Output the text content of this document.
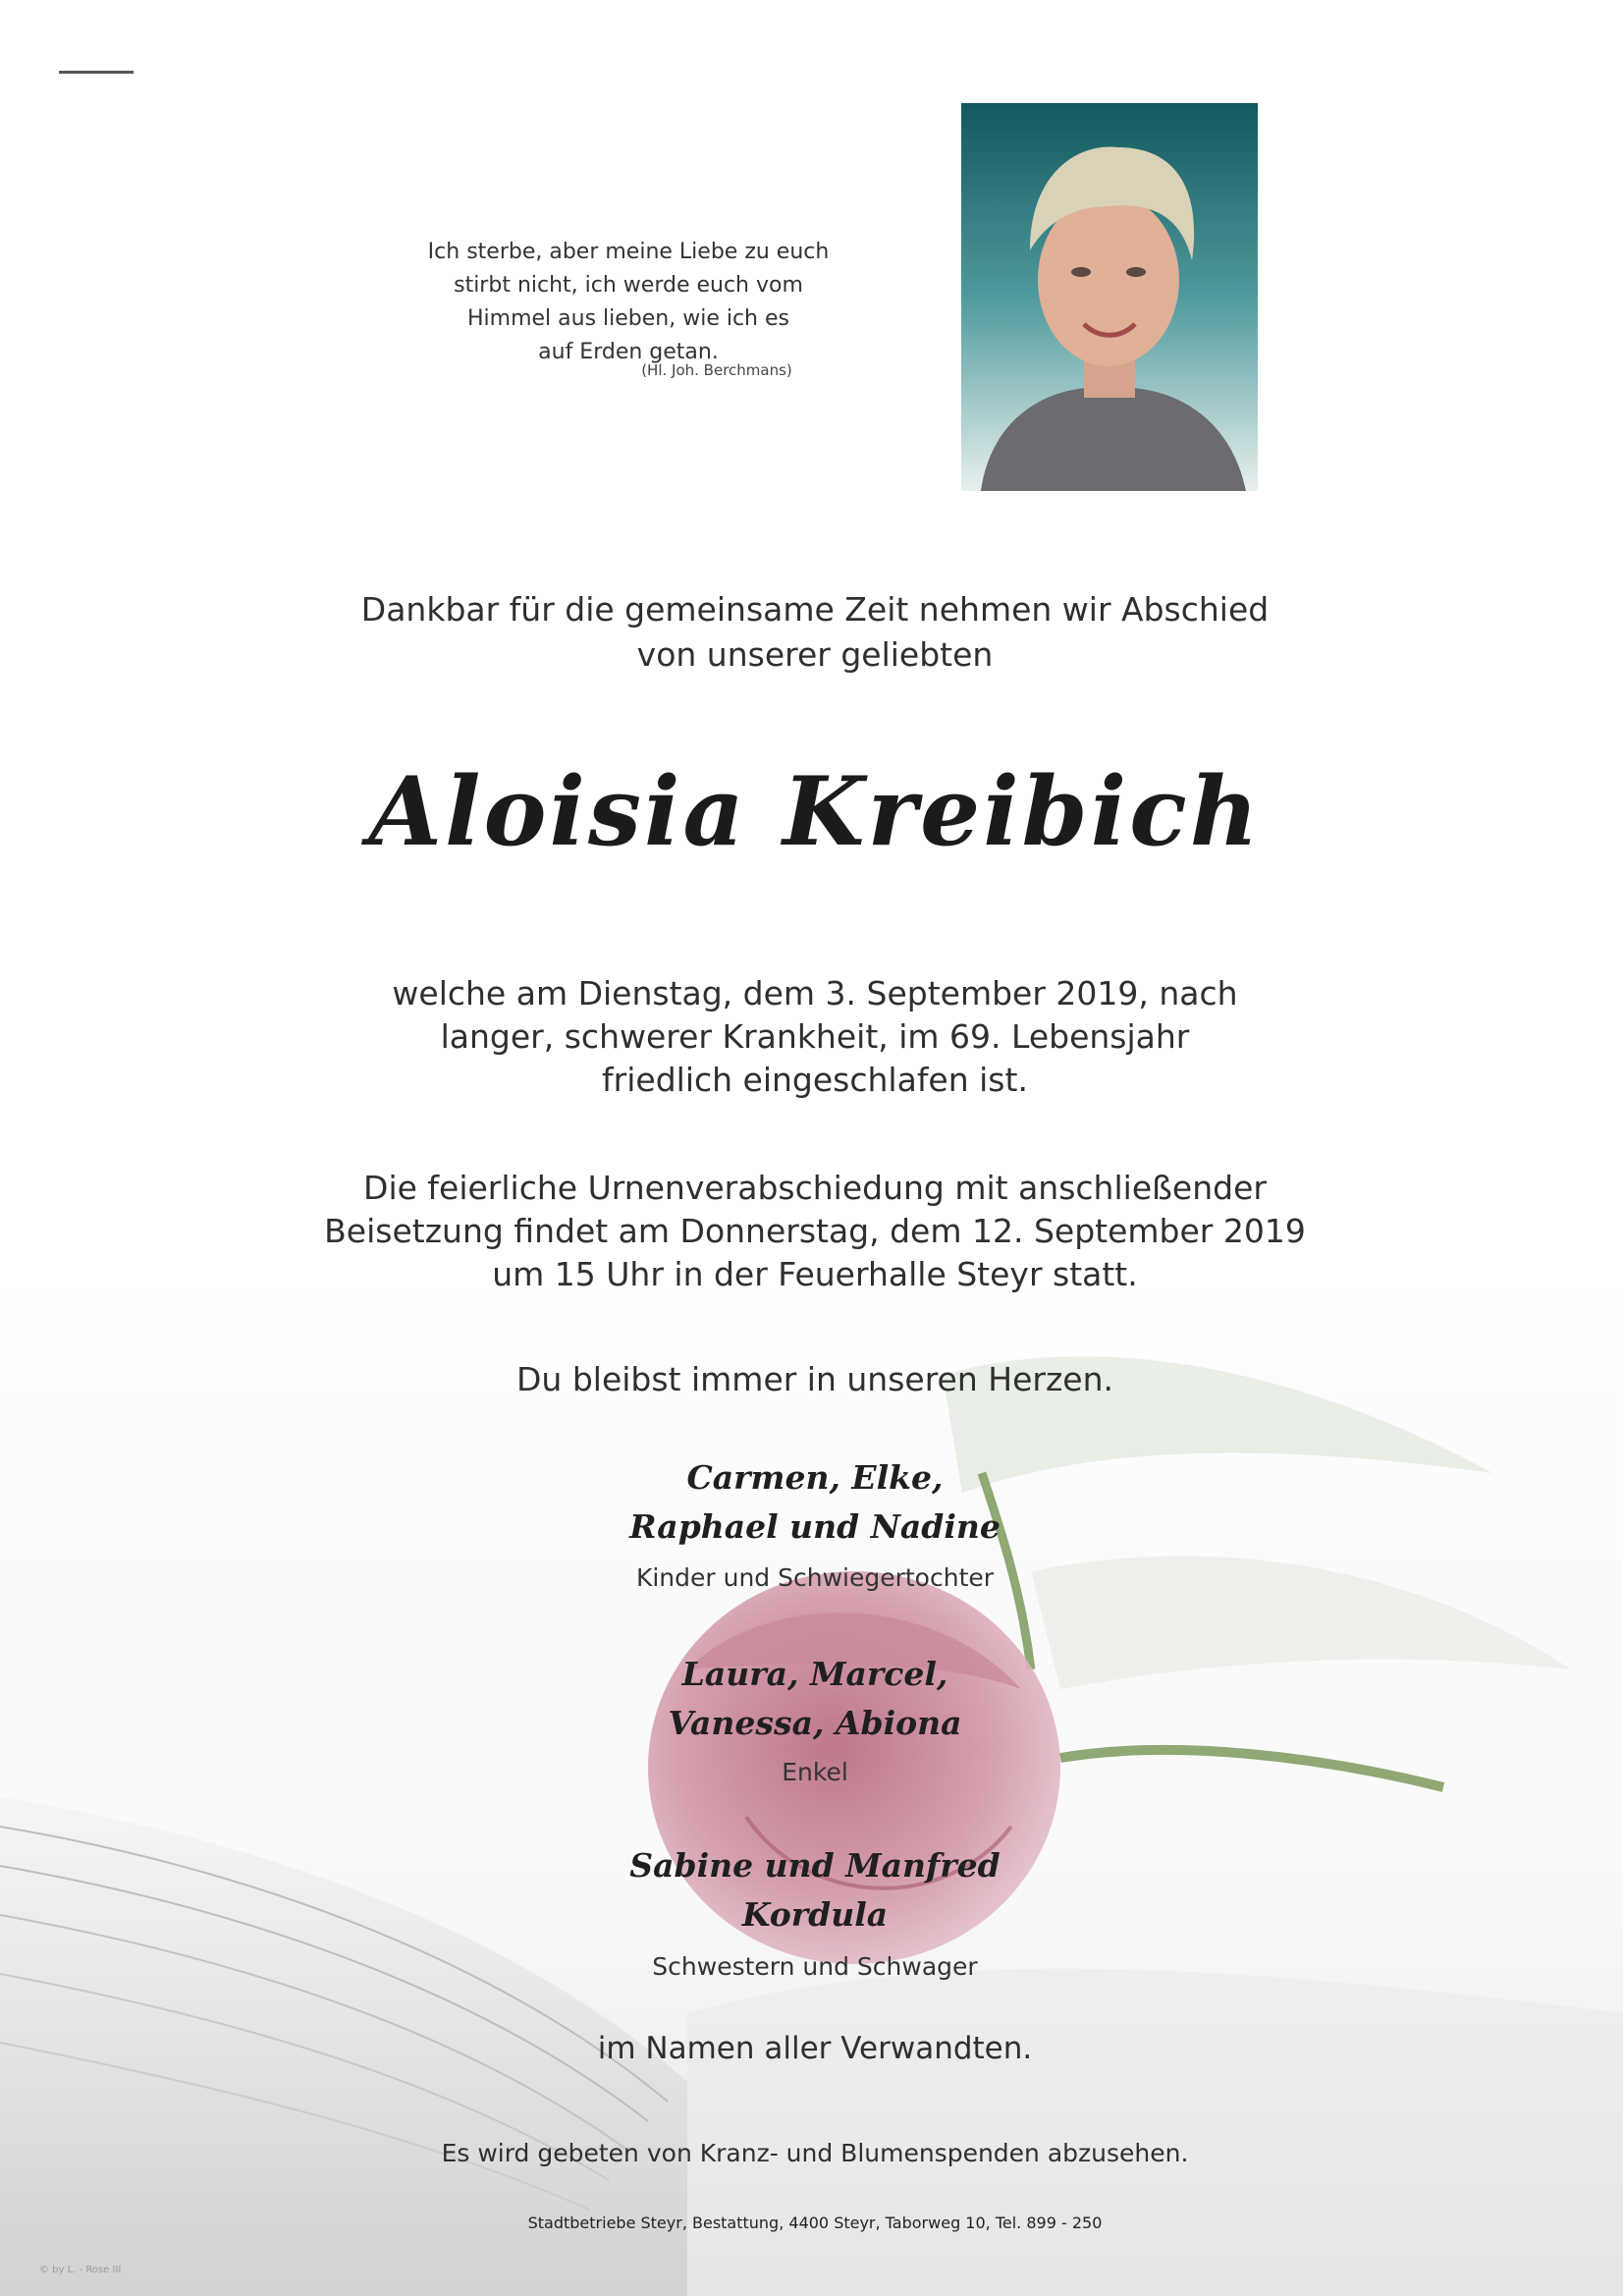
Ich sterbe, aber meine Liebe zu euch
stirbt nicht, ich werde euch vom
Himmel aus lieben, wie ich es
auf Erden getan.
(Hl. Joh. Berchmans)
Dankbar für die gemeinsame Zeit nehmen wir Abschied
von unserer geliebten
Aloisia Kreibich
welche am Dienstag, dem 3. September 2019, nach
langer, schwerer Krankheit, im 69. Lebensjahr
friedlich eingeschlafen ist.
Die feierliche Urnenverabschiedung mit anschließender
Beisetzung findet am Donnerstag, dem 12. September 2019
um 15 Uhr in der Feuerhalle Steyr statt.
Du bleibst immer in unseren Herzen.
Carmen, Elke,
Raphael und Nadine
Kinder und Schwiegertochter
Laura, Marcel,
Vanessa, Abiona
Enkel
Sabine und Manfred
Kordula
Schwestern und Schwager
im Namen aller Verwandten.
Es wird gebeten von Kranz- und Blumenspenden abzusehen.
Stadtbetriebe Steyr, Bestattung, 4400 Steyr, Taborweg 10, Tel. 899 - 250
© by L. - Rose III
